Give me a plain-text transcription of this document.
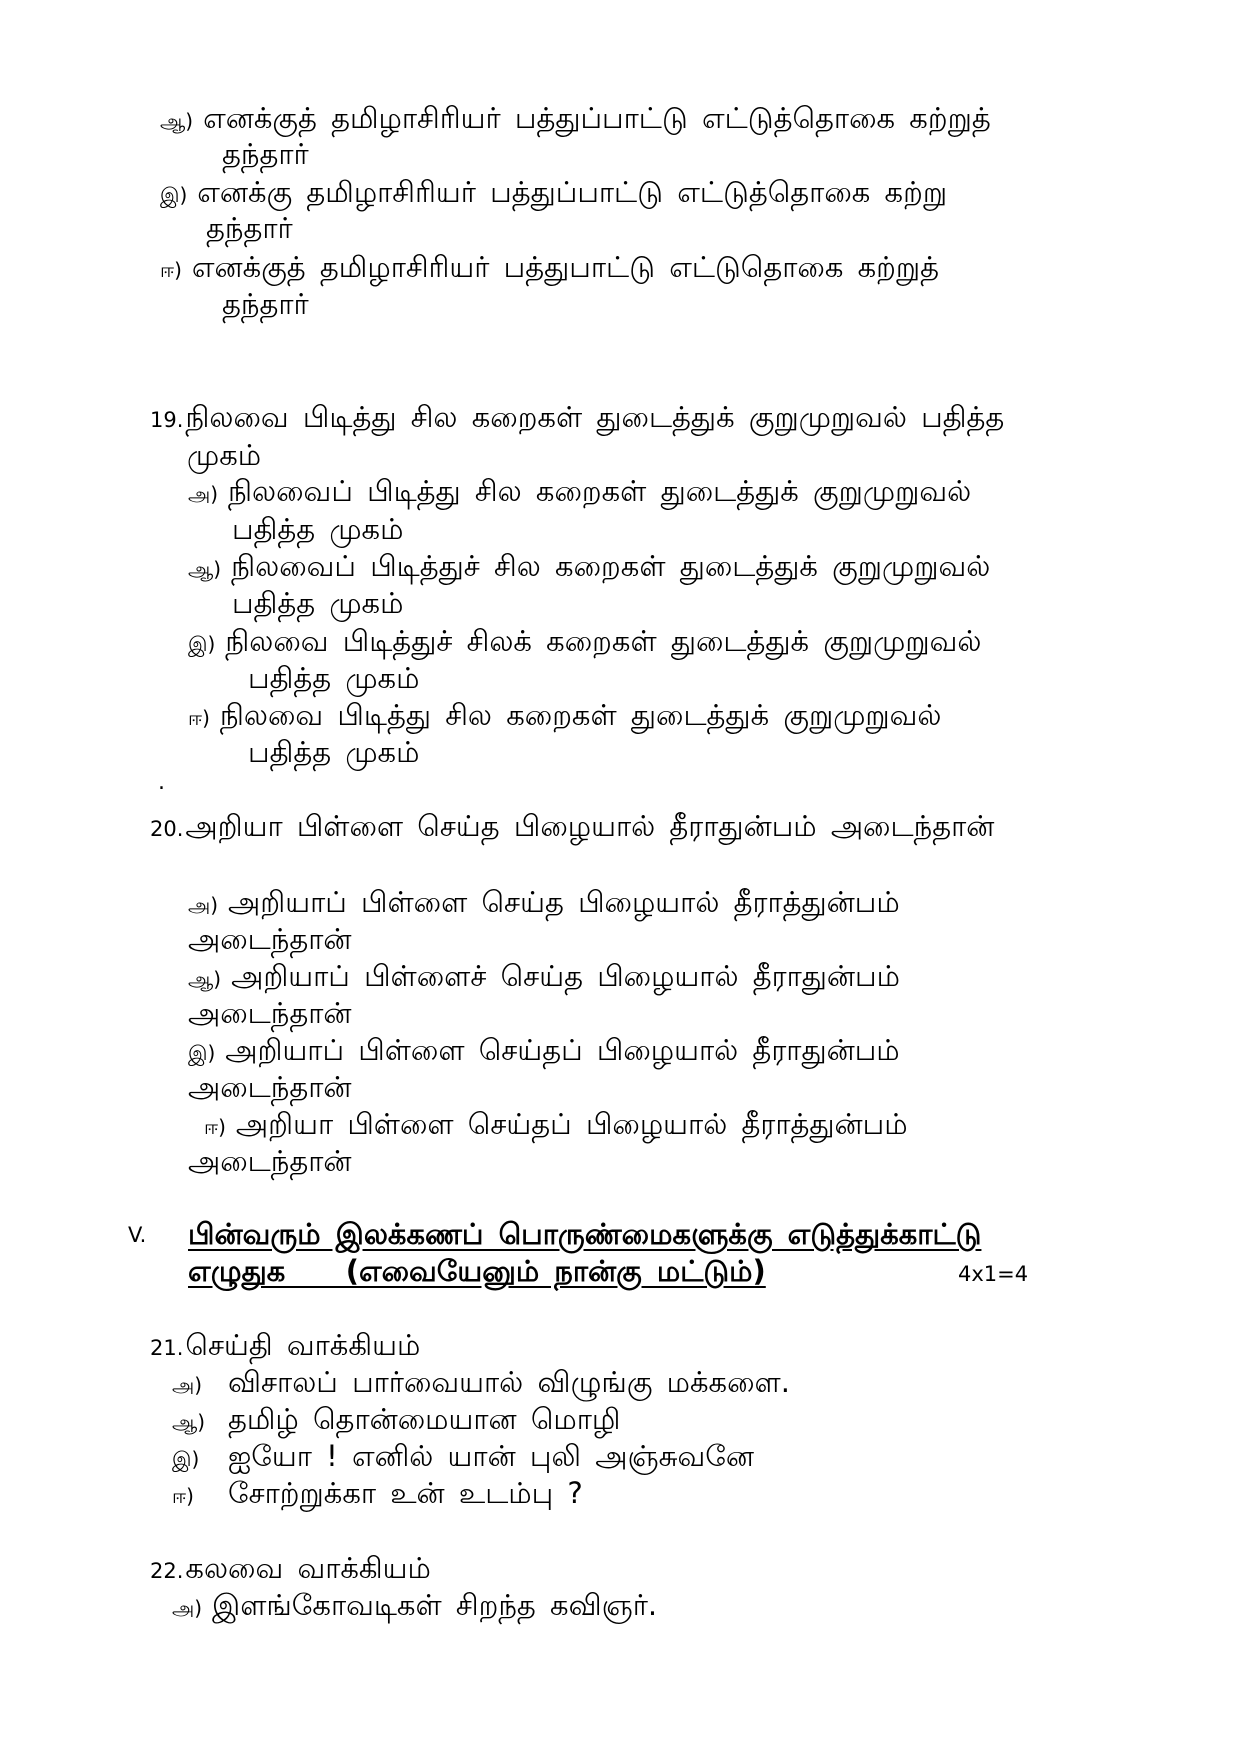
ஆ) எனக்குத் தமிழாசிரியர் பத்துப்பாட்டு எட்டுத்தொகை கற்றுத்
தந்தார்
இ) எனக்கு தமிழாசிரியர் பத்துப்பாட்டு எட்டுத்தொகை கற்று
தந்தார்
ஈ) எனக்குத் தமிழாசிரியர் பத்துபாட்டு எட்டுதொகை கற்றுத்
தந்தார்
19.நிலவை பிடித்து சில கறைகள் துடைத்துக் குறுமுறுவல் பதித்த
முகம்
அ) நிலவைப் பிடித்து சில கறைகள் துடைத்துக் குறுமுறுவல்
பதித்த முகம்
ஆ) நிலவைப் பிடித்துச் சில கறைகள் துடைத்துக் குறுமுறுவல்
பதித்த முகம்
இ) நிலவை பிடித்துச் சிலக் கறைகள் துடைத்துக் குறுமுறுவல்
பதித்த முகம்
ஈ) நிலவை பிடித்து சில கறைகள் துடைத்துக் குறுமுறுவல்
பதித்த முகம்
.
20.அறியா பிள்ளை செய்த பிழையால் தீராதுன்பம் அடைந்தான்
அ) அறியாப் பிள்ளை செய்த பிழையால் தீராத்துன்பம்
அடைந்தான்
ஆ) அறியாப் பிள்ளைச் செய்த பிழையால் தீராதுன்பம்
அடைந்தான்
இ) அறியாப் பிள்ளை செய்தப் பிழையால் தீராதுன்பம்
அடைந்தான்
ஈ) அறியா பிள்ளை செய்தப் பிழையால் தீராத்துன்பம்
அடைந்தான்
V. பின்வரும் இலக்கணப் பொருண்மைகளுக்கு எடுத்துக்காட்டு
எழுதுக    (எவையேனும் நான்கு மட்டும்)	4x1=4
21.செய்தி வாக்கியம்
அ) விசாலப் பார்வையால் விழுங்கு மக்களை.
ஆ) தமிழ் தொன்மையான மொழி
இ) ஐயோ ! எனில் யான் புலி அஞ்சுவனே
ஈ) சோற்றுக்கா உன் உடம்பு ?
22.கலவை வாக்கியம்
அ) இளங்கோவடிகள் சிறந்த கவிஞர்.
